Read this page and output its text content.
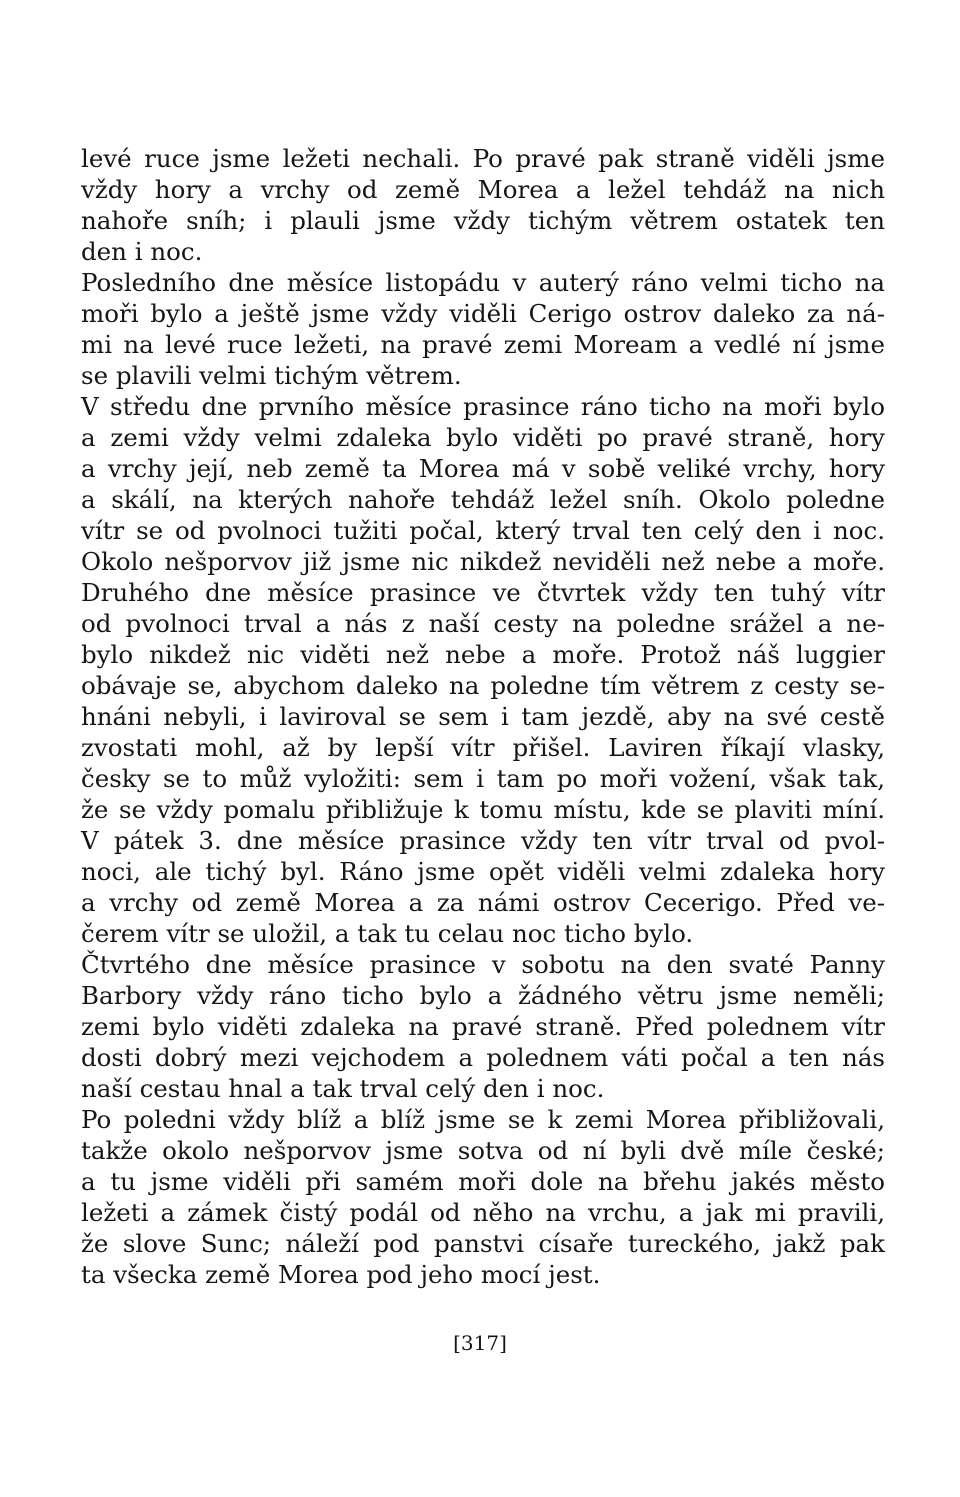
levé ruce jsme ležeti nechali. Po pravé pak straně viděli jsme
vždy hory a vrchy od země Morea a ležel tehdáž na nich
nahoře sníh; i plauli jsme vždy tichým větrem ostatek ten
den i noc.
Posledního dne měsíce listopádu v auterý ráno velmi ticho na
moři bylo a ještě jsme vždy viděli Cerigo ostrov daleko za ná-
mi na levé ruce ležeti, na pravé zemi Moream a vedlé ní jsme
se plavili velmi tichým větrem.
V středu dne prvního měsíce prasince ráno ticho na moři bylo
a zemi vždy velmi zdaleka bylo viděti po pravé straně, hory
a vrchy její, neb země ta Morea má v sobě veliké vrchy, hory
a skálí, na kterých nahoře tehdáž ležel sníh. Okolo poledne
vítr se od pvolnoci tužiti počal, který trval ten celý den i noc.
Okolo nešporvov již jsme nic nikdež neviděli než nebe a moře.
Druhého dne měsíce prasince ve čtvrtek vždy ten tuhý vítr
od pvolnoci trval a nás z naší cesty na poledne srážel a ne-
bylo nikdež nic viděti než nebe a moře. Protož náš luggier
obávaje se, abychom daleko na poledne tím větrem z cesty se-
hnáni nebyli, i laviroval se sem i tam jezdě, aby na své cestě
zvostati mohl, až by lepší vítr přišel. Laviren říkají vlasky,
česky se to můž vyložiti: sem i tam po moři vožení, však tak,
že se vždy pomalu přibližuje k tomu místu, kde se plaviti míní.
V pátek 3. dne měsíce prasince vždy ten vítr trval od pvol-
noci, ale tichý byl. Ráno jsme opět viděli velmi zdaleka hory
a vrchy od země Morea a za námi ostrov Cecerigo. Před ve-
čerem vítr se uložil, a tak tu celau noc ticho bylo.
Čtvrtého dne měsíce prasince v sobotu na den svaté Panny
Barbory vždy ráno ticho bylo a žádného větru jsme neměli;
zemi bylo viděti zdaleka na pravé straně. Před polednem vítr
dosti dobrý mezi vejchodem a polednem váti počal a ten nás
naší cestau hnal a tak trval celý den i noc.
Po poledni vždy blíž a blíž jsme se k zemi Morea přibližovali,
takže okolo nešporvov jsme sotva od ní byli dvě míle české;
a tu jsme viděli při samém moři dole na břehu jakés město
ležeti a zámek čistý podál od něho na vrchu, a jak mi pravili,
že slove Sunc; náleží pod panstvi císaře tureckého, jakž pak
ta všecka země Morea pod jeho mocí jest.
[317]
